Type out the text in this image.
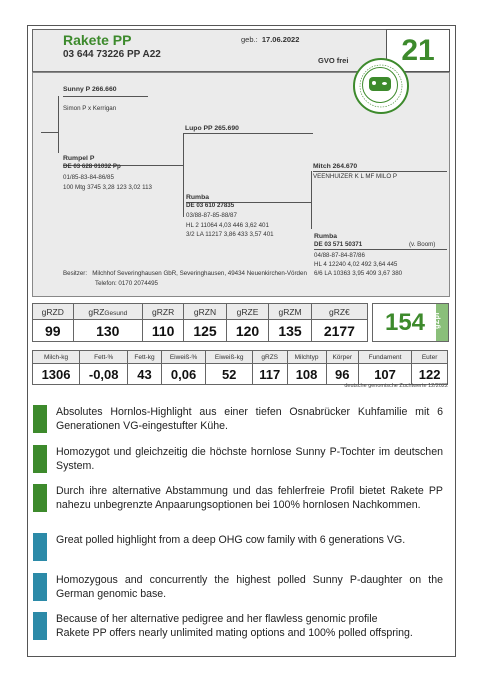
Rakete PP
03 644 73226 PP A22
geb.: 17.06.2022
GVO frei	21
Sunny P 266.660
Simon P x Kerrigan
Lupo PP 265.690
Rumpel P
DE 03 628 01032 Pp
01/85-83-84-86/85
100 Mtg 3745 3,28 123 3,02 113
Mitch 264.670
VEENHUIZER K L MF MILO P
Rumba
DE 03 610 27835
03/88-87-85-88/87
HL 2 11064 4,03 446 3,62 401
3/2 LA 11217 3,86 433 3,57 401	Rumba
DE 03 571 50371	(v. Boom)
04/88-87-84-87/86
HL 4 12240 4,02 492 3,64 445
6/6 LA 10363 3,95 409 3,67 380
Besitzer: Milchhof Severinghausen GbR, Severinghausen, 49434 Neuenkirchen-Vörden
Telefon: 0170 2074495
gRZD	gRZGesund	gRZR	gRZN	gRZE	gRZM	gRZ€
99	130	110	125	120	135	2177	154	gZpl
Milch-kg	Fett-%	Fett-kg	Eiweiß-%	Eiweiß-kg	gRZS	Milchtyp	Körper	Fundament	Euter
1306	-0,08	43	0,06	52	117	108	96	107	122
deutsche genomische Zuchtwerte 12/2022
Absolutes Hornlos-Highlight aus einer tiefen Osnabrücker Kuhfamilie mit 6 Generationen VG-eingestufter Kühe.
Homozygot und gleichzeitig die höchste hornlose Sunny P-Tochter im deutschen System.
Durch ihre alternative Abstammung und das fehlerfreie Profil bietet Rakete PP nahezu unbegrenzte Anpaarungsoptionen bei 100% hornlosen Nachkommen.
Great polled highlight from a deep OHG cow family with 6 generations VG.
Homozygous and concurrently the highest polled Sunny P-daughter on the German genomic base.
Because of her alternative pedigree and her flawless genomic profile
Rakete PP offers nearly unlimited mating options and 100% polled offspring.
